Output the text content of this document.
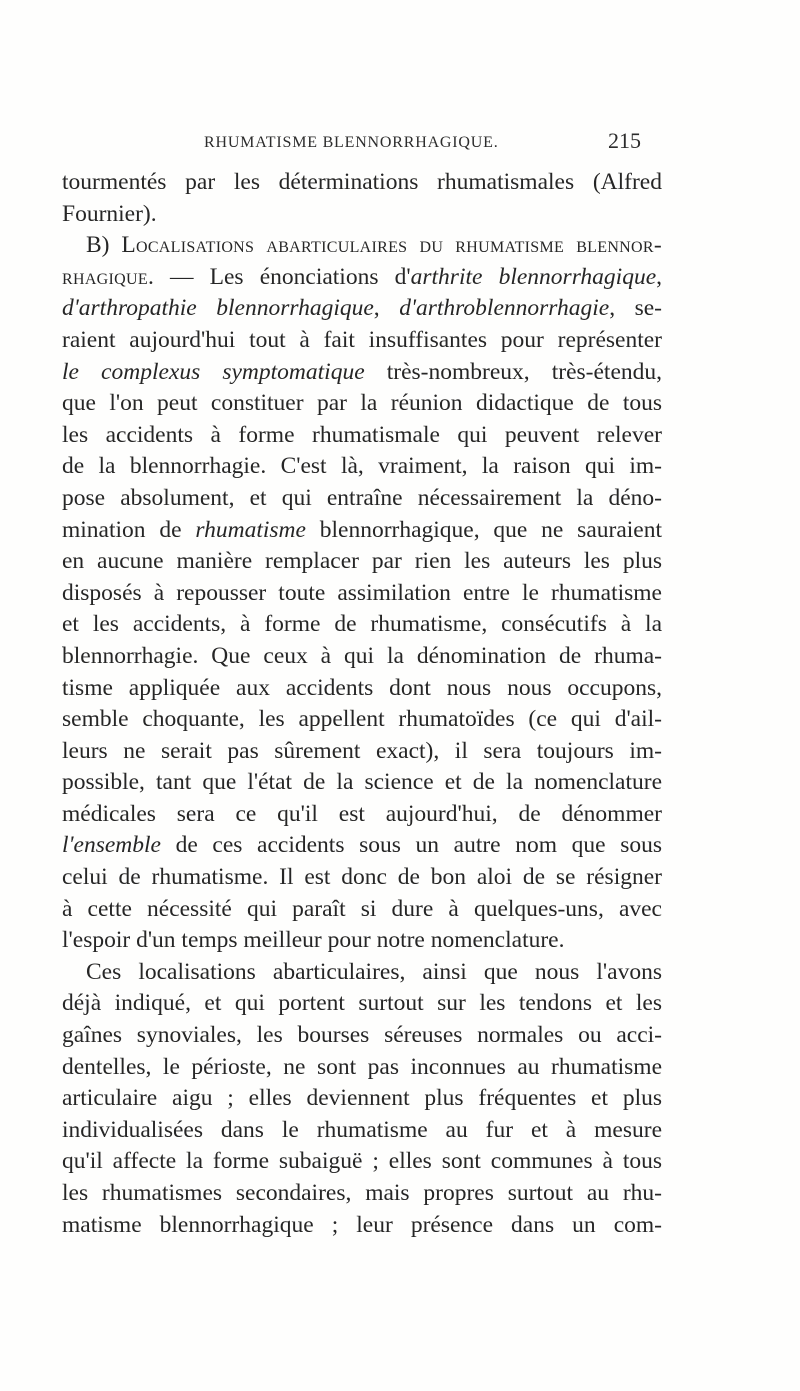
RHUMATISME BLENNORRHAGIQUE.	215
tourmentés par les déterminations rhumatismales (Alfred
Fournier).
B) Localisations abarticulaires du rhumatisme blennor-
rhagique. — Les énonciations d'arthrite blennorrhagique,
d'arthropathie blennorrhagique, d'arthroblennorrhagie, se-
raient aujourd'hui tout à fait insuffisantes pour représenter
le complexus symptomatique très-nombreux, très-étendu,
que l'on peut constituer par la réunion didactique de tous
les accidents à forme rhumatismale qui peuvent relever
de la blennorrhagie. C'est là, vraiment, la raison qui im-
pose absolument, et qui entraîne nécessairement la déno-
mination de rhumatisme blennorrhagique, que ne sauraient
en aucune manière remplacer par rien les auteurs les plus
disposés à repousser toute assimilation entre le rhumatisme
et les accidents, à forme de rhumatisme, consécutifs à la
blennorrhagie. Que ceux à qui la dénomination de rhuma-
tisme appliquée aux accidents dont nous nous occupons,
semble choquante, les appellent rhumatoïdes (ce qui d'ail-
leurs ne serait pas sûrement exact), il sera toujours im-
possible, tant que l'état de la science et de la nomenclature
médicales sera ce qu'il est aujourd'hui, de dénommer
l'ensemble de ces accidents sous un autre nom que sous
celui de rhumatisme. Il est donc de bon aloi de se résigner
à cette nécessité qui paraît si dure à quelques-uns, avec
l'espoir d'un temps meilleur pour notre nomenclature.
Ces localisations abarticulaires, ainsi que nous l'avons
déjà indiqué, et qui portent surtout sur les tendons et les
gaînes synoviales, les bourses séreuses normales ou acci-
dentelles, le périoste, ne sont pas inconnues au rhumatisme
articulaire aigu ; elles deviennent plus fréquentes et plus
individualisées dans le rhumatisme au fur et à mesure
qu'il affecte la forme subaiguë ; elles sont communes à tous
les rhumatismes secondaires, mais propres surtout au rhu-
matisme blennorrhagique ; leur présence dans un com-
